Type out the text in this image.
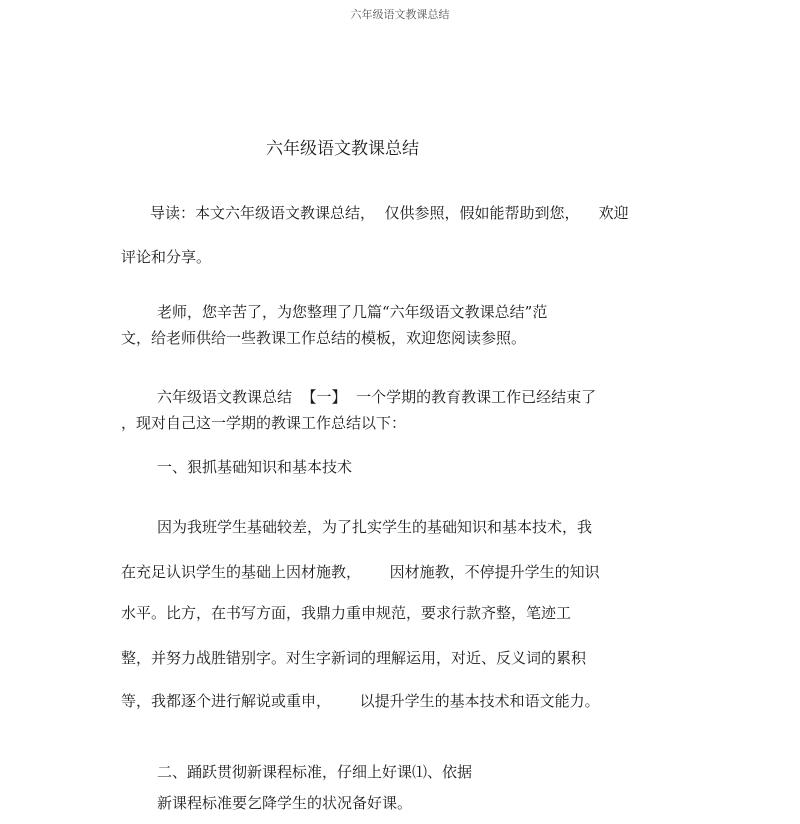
六年级语文教课总结
六年级语文教课总结
导读：本文六年级语文教课总结，  仅供参照，假如能帮助到您，    欢迎
评论和分享。
老师，您辛苦了，为您整理了几篇“六年级语文教课总结”范
文，给老师供给一些教课工作总结的模板，欢迎您阅读参照。
六年级语文教课总结  【一】  一个学期的教育教课工作已经结束了
，现对自己这一学期的教课工作总结以下：
一、狠抓基础知识和基本技术
因为我班学生基础较差，为了扎实学生的基础知识和基本技术，我
在充足认识学生的基础上因材施教，      因材施教，不停提升学生的知识
水平。比方，在书写方面，我鼎力重申规范，要求行款齐整，笔迹工
整，并努力战胜错别字。对生字新词的理解运用，对近、反义词的累积
等，我都逐个进行解说或重申，      以提升学生的基本技术和语文能力。
二、踊跃贯彻新课程标准，仔细上好课⑴、依据
新课程标准要乞降学生的状况备好课。
